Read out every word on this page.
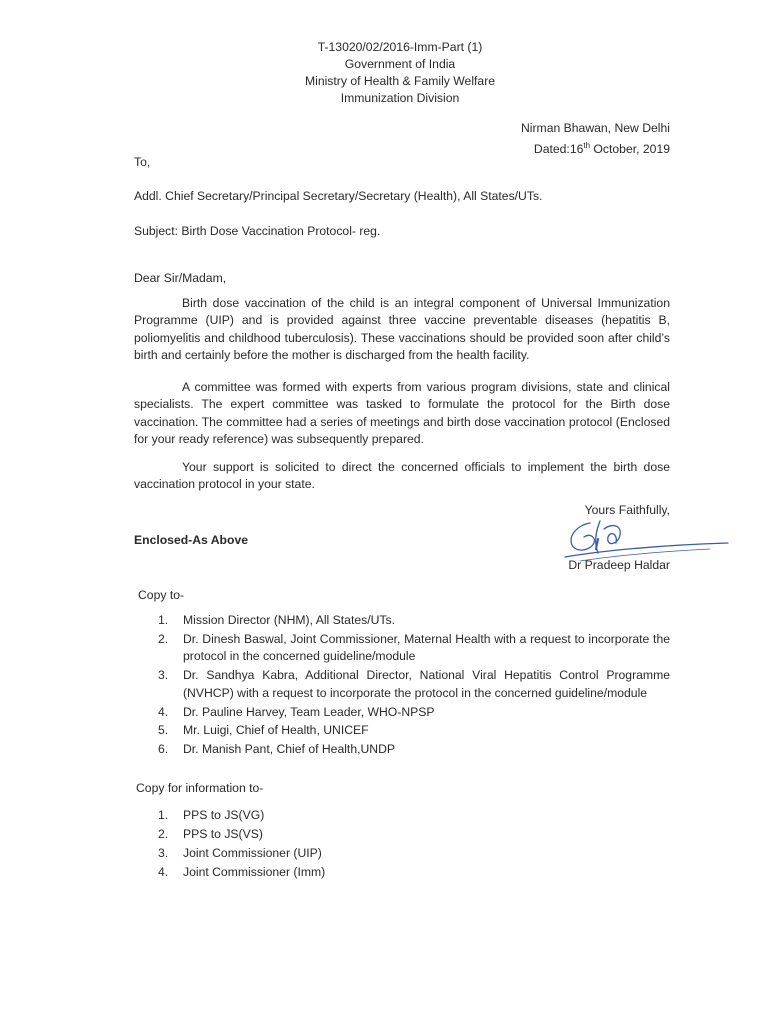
T-13020/02/2016-Imm-Part (1)
Government of India
Ministry of Health & Family Welfare
Immunization Division
Nirman Bhawan, New Delhi
Dated:16th October, 2019
To,
Addl. Chief Secretary/Principal Secretary/Secretary (Health), All States/UTs.
Subject: Birth Dose Vaccination Protocol- reg.
Dear Sir/Madam,

Birth dose vaccination of the child is an integral component of Universal Immunization Programme (UIP) and is provided against three vaccine preventable diseases (hepatitis B, poliomyelitis and childhood tuberculosis). These vaccinations should be provided soon after child’s birth and certainly before the mother is discharged from the health facility.

A committee was formed with experts from various program divisions, state and clinical specialists. The expert committee was tasked to formulate the protocol for the Birth dose vaccination. The committee had a series of meetings and birth dose vaccination protocol (Enclosed for your ready reference) was subsequently prepared.

Your support is solicited to direct the concerned officials to implement the birth dose vaccination protocol in your state.

Yours Faithfully,
Enclosed-As Above
Dr Pradeep Haldar
Copy to-
1. Mission Director (NHM), All States/UTs.
2. Dr. Dinesh Baswal, Joint Commissioner, Maternal Health with a request to incorporate the protocol in the concerned guideline/module
3. Dr. Sandhya Kabra, Additional Director, National Viral Hepatitis Control Programme (NVHCP) with a request to incorporate the protocol in the concerned guideline/module
4. Dr. Pauline Harvey, Team Leader, WHO-NPSP
5. Mr. Luigi, Chief of Health, UNICEF
6. Dr. Manish Pant, Chief of Health,UNDP
Copy for information to-
1. PPS to JS(VG)
2. PPS to JS(VS)
3. Joint Commissioner (UIP)
4. Joint Commissioner (Imm)
